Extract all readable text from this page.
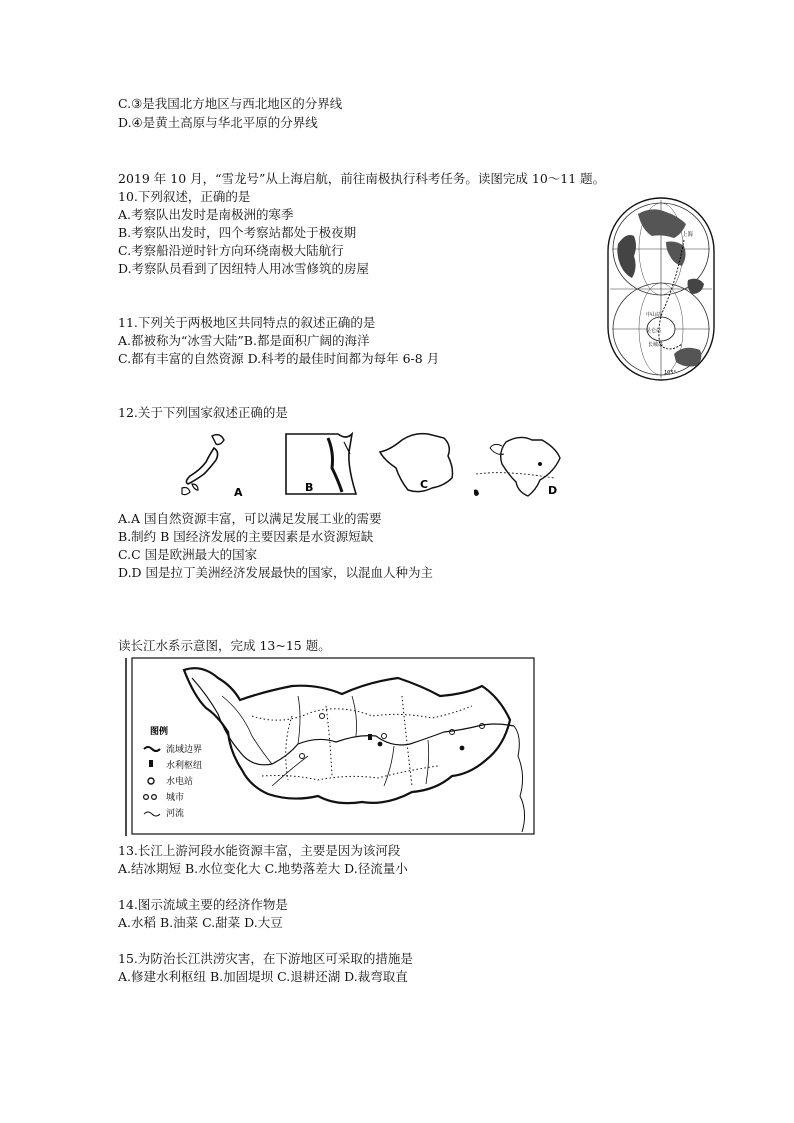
C.③是我国北方地区与西北地区的分界线
D.④是黄土高原与华北平原的分界线
2019 年 10 月，“雪龙号”从上海启航，前往南极执行科考任务。读图完成 10～11 题。
10.下列叙述，正确的是
A.考察队出发时是南极洲的寒季
B.考察队出发时，四个考察站都处于极夜期
C.考察船沿逆时针方向环绕南极大陆航行
D.考察队员看到了因纽特人用冰雪修筑的房屋
上海
中山站
昆仑站
长城站
105°
11.下列关于两极地区共同特点的叙述正确的是
A.都被称为“冰雪大陆”B.都是面积广阔的海洋
C.都有丰富的自然资源 D.科考的最佳时间都为每年 6-8 月
12.关于下列国家叙述正确的是
A	B	C	D
A.A 国自然资源丰富，可以满足发展工业的需要
B.制约 B 国经济发展的主要因素是水资源短缺
C.C 国是欧洲最大的国家
D.D 国是拉丁美洲经济发展最快的国家，以混血人种为主
读长江水系示意图，完成 13~15 题。
图例
流域边界
水利枢纽
水电站
城市
河流
13.长江上游河段水能资源丰富，主要是因为该河段
A.结冰期短 B.水位变化大 C.地势落差大 D.径流量小
14.图示流域主要的经济作物是
A.水稻 B.油菜 C.甜菜 D.大豆
15.为防治长江洪涝灾害，在下游地区可采取的措施是
A.修建水利枢纽 B.加固堤坝 C.退耕还湖 D.裁弯取直
